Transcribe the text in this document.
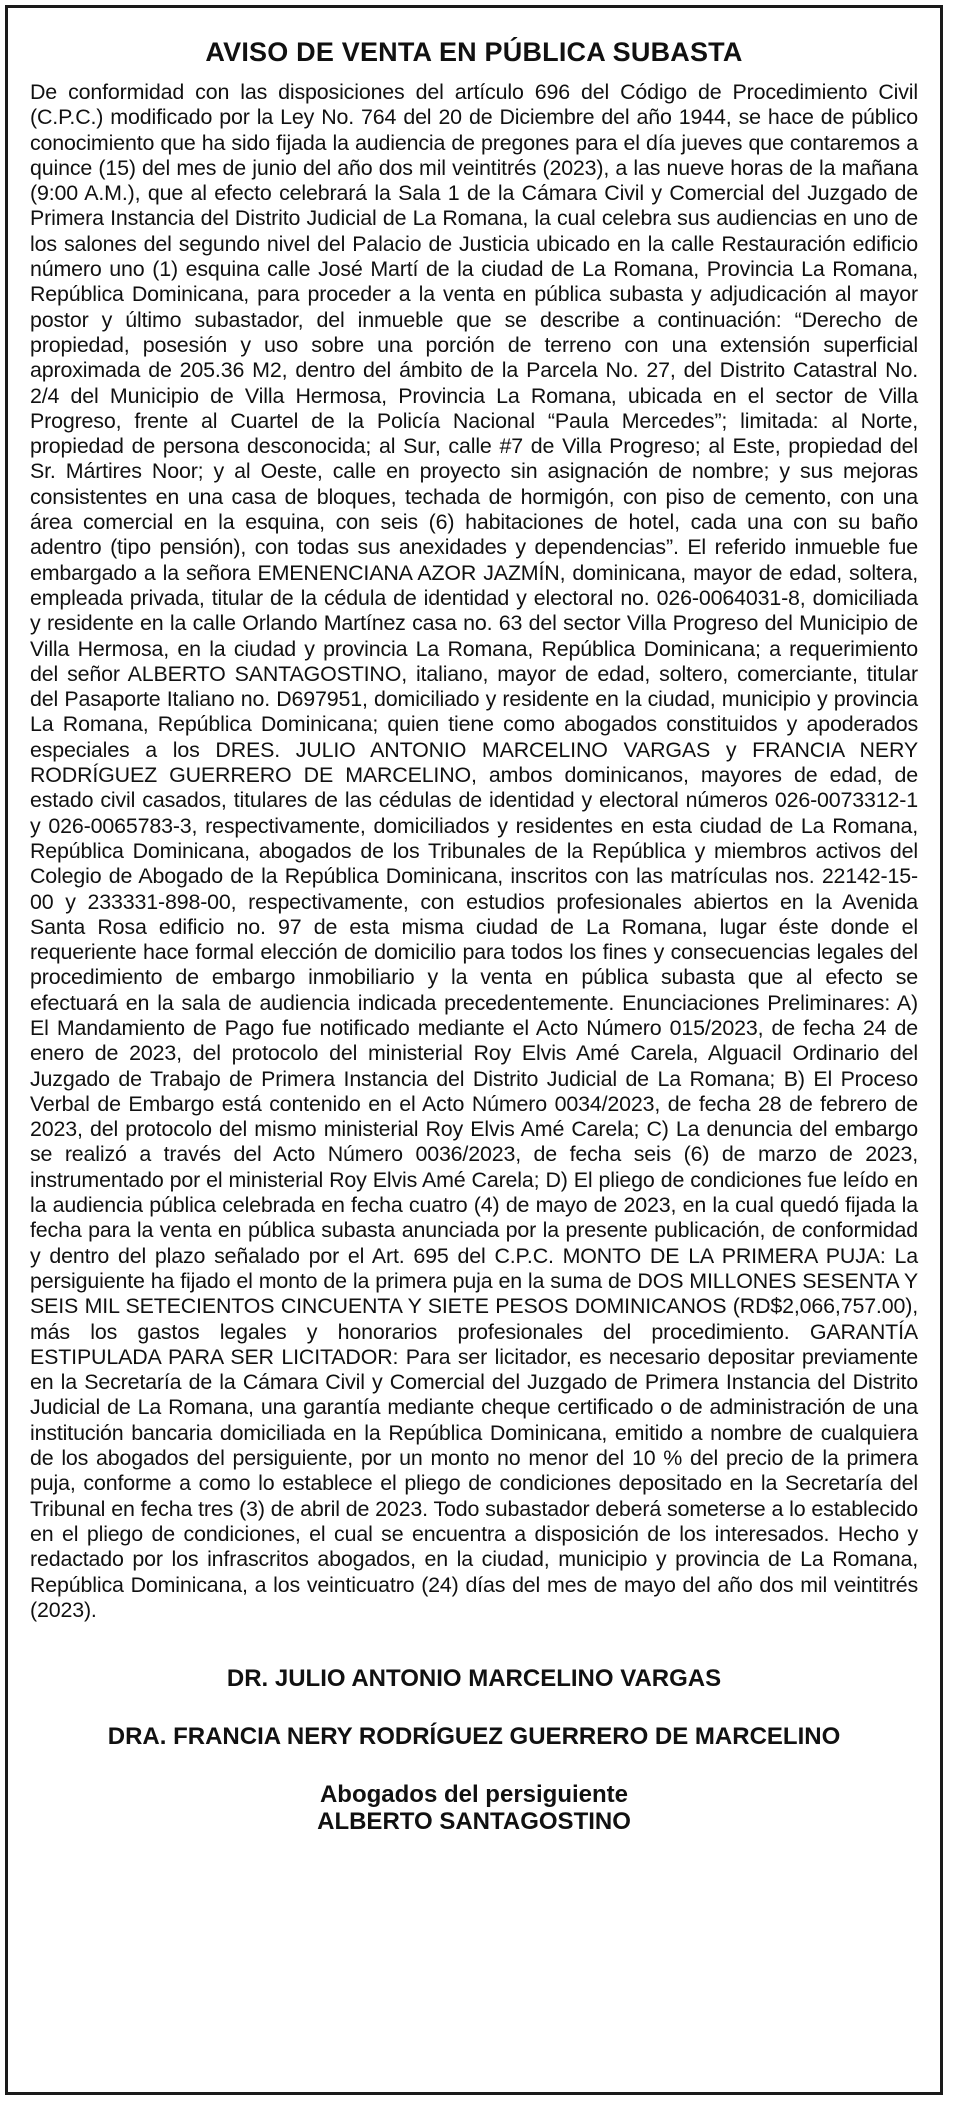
AVISO DE VENTA EN PÚBLICA SUBASTA

De conformidad con las disposiciones del artículo 696 del Código de Procedimiento Civil (C.P.C.) modificado por la Ley No. 764 del 20 de Diciembre del año 1944, se hace de público conocimiento que ha sido fijada la audiencia de pregones para el día jueves que contaremos a quince (15) del mes de junio del año dos mil veintitrés (2023), a las nueve horas de la mañana (9:00 A.M.), que al efecto celebrará la Sala 1 de la Cámara Civil y Comercial del Juzgado de Primera Instancia del Distrito Judicial de La Romana, la cual celebra sus audiencias en uno de los salones del segundo nivel del Palacio de Justicia ubicado en la calle Restauración edificio número uno (1) esquina calle José Martí de la ciudad de La Romana, Provincia La Romana, República Dominicana, para proceder a la venta en pública subasta y adjudicación al mayor postor y último subastador, del inmueble que se describe a continuación: “Derecho de propiedad, posesión y uso sobre una porción de terreno con una extensión superficial aproximada de 205.36 M2, dentro del ámbito de la Parcela No. 27, del Distrito Catastral No. 2/4 del Municipio de Villa Hermosa, Provincia La Romana, ubicada en el sector de Villa Progreso, frente al Cuartel de la Policía Nacional “Paula Mercedes”; limitada: al Norte, propiedad de persona desconocida; al Sur, calle #7 de Villa Progreso; al Este, propiedad del Sr. Mártires Noor; y al Oeste, calle en proyecto sin asignación de nombre; y sus mejoras consistentes en una casa de bloques, techada de hormigón, con piso de cemento, con una área comercial en la esquina, con seis (6) habitaciones de hotel, cada una con su baño adentro (tipo pensión), con todas sus anexidades y dependencias”. El referido inmueble fue embargado a la señora EMENENCIANA AZOR JAZMÍN, dominicana, mayor de edad, soltera, empleada privada, titular de la cédula de identidad y electoral no. 026-0064031-8, domiciliada y residente en la calle Orlando Martínez casa no. 63 del sector Villa Progreso del Municipio de Villa Hermosa, en la ciudad y provincia La Romana, República Dominicana; a requerimiento del señor ALBERTO SANTAGOSTINO, italiano, mayor de edad, soltero, comerciante, titular del Pasaporte Italiano no. D697951, domiciliado y residente en la ciudad, municipio y provincia La Romana, República Dominicana; quien tiene como abogados constituidos y apoderados especiales a los DRES. JULIO ANTONIO MARCELINO VARGAS y FRANCIA NERY RODRÍGUEZ GUERRERO DE MARCELINO, ambos dominicanos, mayores de edad, de estado civil casados, titulares de las cédulas de identidad y electoral números 026-0073312-1 y 026-0065783-3, respectivamente, domiciliados y residentes en esta ciudad de La Romana, República Dominicana, abogados de los Tribunales de la República y miembros activos del Colegio de Abogado de la República Dominicana, inscritos con las matrículas nos. 22142-15-00 y 233331-898-00, respectivamente, con estudios profesionales abiertos en la Avenida Santa Rosa edificio no. 97 de esta misma ciudad de La Romana, lugar éste donde el requeriente hace formal elección de domicilio para todos los fines y consecuencias legales del procedimiento de embargo inmobiliario y la venta en pública subasta que al efecto se efectuará en la sala de audiencia indicada precedentemente. Enunciaciones Preliminares: A) El Mandamiento de Pago fue notificado mediante el Acto Número 015/2023, de fecha 24 de enero de 2023, del protocolo del ministerial Roy Elvis Amé Carela, Alguacil Ordinario del Juzgado de Trabajo de Primera Instancia del Distrito Judicial de La Romana; B) El Proceso Verbal de Embargo está contenido en el Acto Número 0034/2023, de fecha 28 de febrero de 2023, del protocolo del mismo ministerial Roy Elvis Amé Carela; C) La denuncia del embargo se realizó a través del Acto Número 0036/2023, de fecha seis (6) de marzo de 2023, instrumentado por el ministerial Roy Elvis Amé Carela; D) El pliego de condiciones fue leído en la audiencia pública celebrada en fecha cuatro (4) de mayo de 2023, en la cual quedó fijada la fecha para la venta en pública subasta anunciada por la presente publicación, de conformidad y dentro del plazo señalado por el Art. 695 del C.P.C. MONTO DE LA PRIMERA PUJA: La persiguiente ha fijado el monto de la primera puja en la suma de DOS MILLONES SESENTA Y SEIS MIL SETECIENTOS CINCUENTA Y SIETE PESOS DOMINICANOS (RD$2,066,757.00), más los gastos legales y honorarios profesionales del procedimiento. GARANTÍA ESTIPULADA PARA SER LICITADOR: Para ser licitador, es necesario depositar previamente en la Secretaría de la Cámara Civil y Comercial del Juzgado de Primera Instancia del Distrito Judicial de La Romana, una garantía mediante cheque certificado o de administración de una institución bancaria domiciliada en la República Dominicana, emitido a nombre de cualquiera de los abogados del persiguiente, por un monto no menor del 10 % del precio de la primera puja, conforme a como lo establece el pliego de condiciones depositado en la Secretaría del Tribunal en fecha tres (3) de abril de 2023. Todo subastador deberá someterse a lo establecido en el pliego de condiciones, el cual se encuentra a disposición de los interesados. Hecho y redactado por los infrascritos abogados, en la ciudad, municipio y provincia de La Romana, República Dominicana, a los veinticuatro (24) días del mes de mayo del año dos mil veintitrés (2023).

DR. JULIO ANTONIO MARCELINO VARGAS

DRA. FRANCIA NERY RODRÍGUEZ GUERRERO DE MARCELINO

Abogados del persiguiente

ALBERTO SANTAGOSTINO
